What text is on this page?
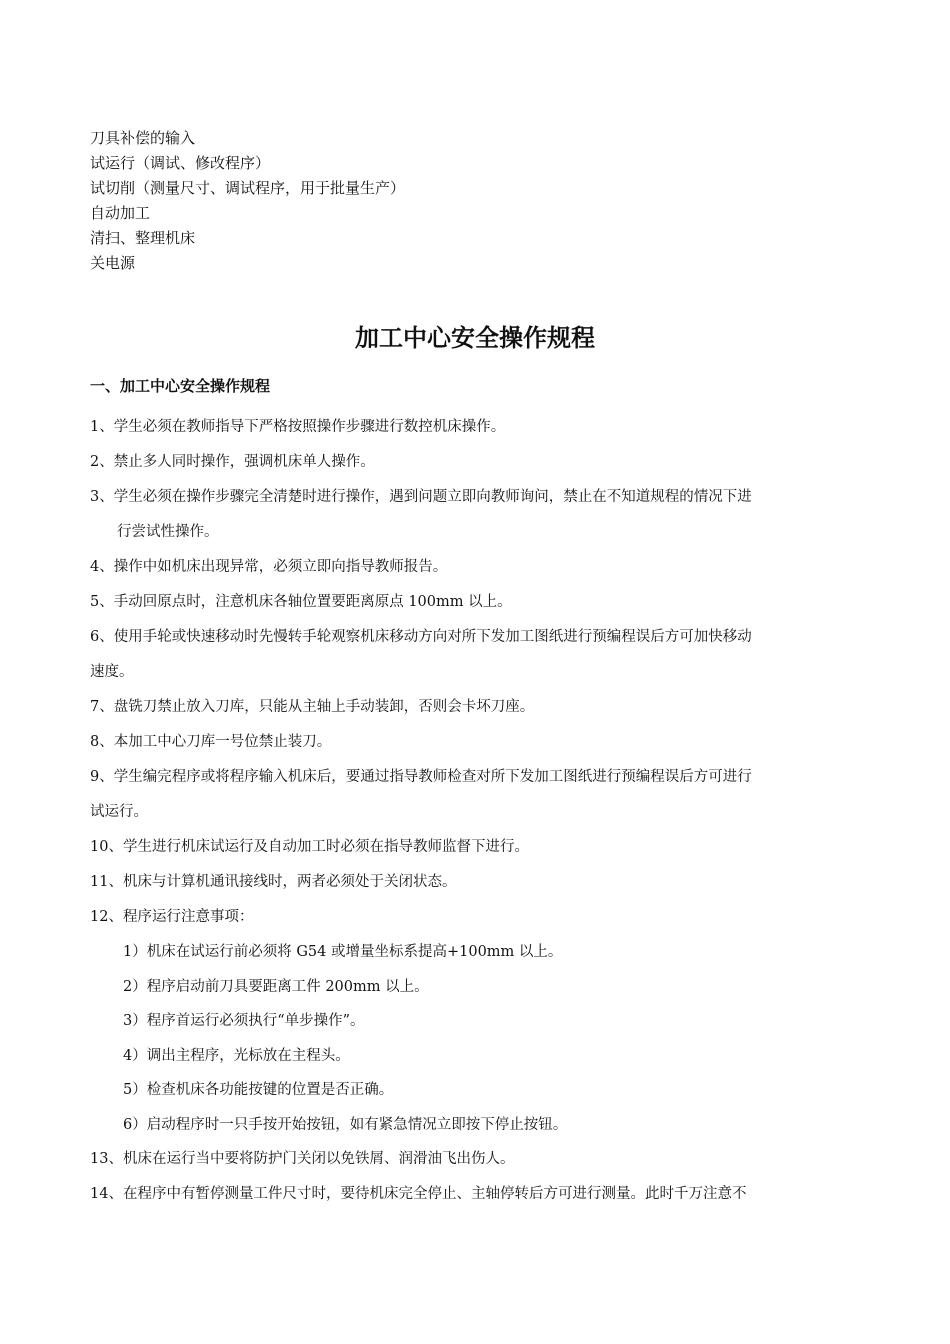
刀具补偿的输入
试运行（调试、修改程序）
试切削（测量尺寸、调试程序，用于批量生产）
自动加工
清扫、整理机床
关电源
加工中心安全操作规程
一、加工中心安全操作规程
1、学生必须在教师指导下严格按照操作步骤进行数控机床操作。
2、禁止多人同时操作，强调机床单人操作。
3、学生必须在操作步骤完全清楚时进行操作，遇到问题立即向教师询问，禁止在不知道规程的情况下进
行尝试性操作。
4、操作中如机床出现异常，必须立即向指导教师报告。
5、手动回原点时，注意机床各轴位置要距离原点 100mm 以上。
6、使用手轮或快速移动时先慢转手轮观察机床移动方向对所下发加工图纸进行预编程误后方可加快移动
速度。
7、盘铣刀禁止放入刀库，只能从主轴上手动装卸，否则会卡坏刀座。
8、本加工中心刀库一号位禁止装刀。
9、学生编完程序或将程序输入机床后，要通过指导教师检查对所下发加工图纸进行预编程误后方可进行
试运行。
10、学生进行机床试运行及自动加工时必须在指导教师监督下进行。
11、机床与计算机通讯接线时，两者必须处于关闭状态。
12、程序运行注意事项：
1）机床在试运行前必须将 G54 或增量坐标系提高+100mm 以上。
2）程序启动前刀具要距离工件 200mm 以上。
3）程序首运行必须执行“单步操作”。
4）调出主程序，光标放在主程头。
5）检查机床各功能按键的位置是否正确。
6）启动程序时一只手按开始按钮，如有紧急情况立即按下停止按钮。
13、机床在运行当中要将防护门关闭以免铁屑、润滑油飞出伤人。
14、在程序中有暂停测量工件尺寸时，要待机床完全停止、主轴停转后方可进行测量。此时千万注意不
